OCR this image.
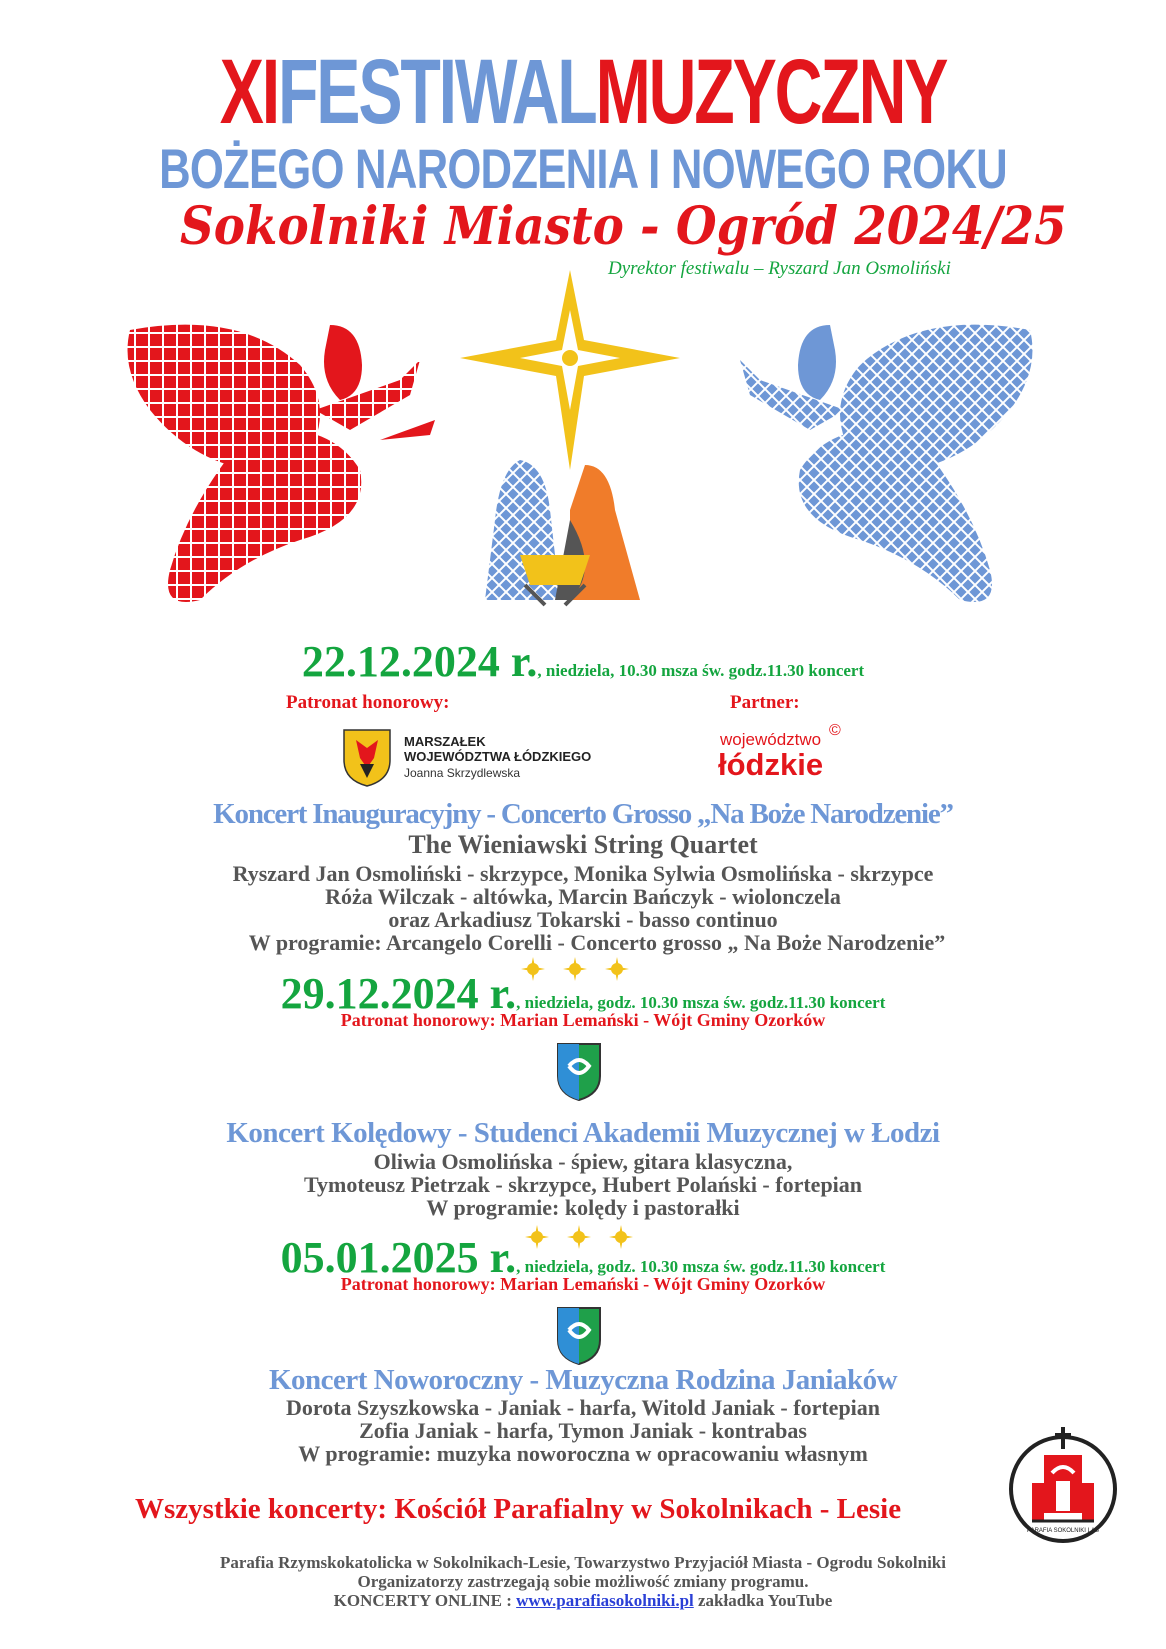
XIFESTIWALMUZYCZNY
BOŻEGO NARODZENIA I NOWEGO ROKU
Sokolniki Miasto - Ogród 2024/25
Dyrektor festiwalu – Ryszard Jan Osmoliński
22.12.2024 r., niedziela, 10.30 msza św. godz.11.30 koncert
Patronat honorowy:	Partner:
MARSZAŁEK
WOJEWÓDZTWA ŁÓDZKIEGO
Joanna Skrzydlewska
województwo ©
łódzkie
Koncert Inauguracyjny - Concerto Grosso „Na Boże Narodzenie”
The Wieniawski String Quartet
Ryszard Jan Osmoliński - skrzypce, Monika Sylwia Osmolińska - skrzypce
Róża Wilczak - altówka, Marcin Bańczyk - wiolonczela
oraz Arkadiusz Tokarski - basso continuo
W programie: Arcangelo Corelli - Concerto grosso „ Na Boże Narodzenie”
29.12.2024 r., niedziela, godz. 10.30 msza św. godz.11.30 koncert
Patronat honorowy: Marian Lemański - Wójt Gminy Ozorków
Koncert Kolędowy - Studenci Akademii Muzycznej w Łodzi
Oliwia Osmolińska - śpiew, gitara klasyczna,
Tymoteusz Pietrzak - skrzypce, Hubert Polański - fortepian
W programie: kolędy i pastorałki
05.01.2025 r., niedziela, godz. 10.30 msza św. godz.11.30 koncert
Patronat honorowy: Marian Lemański - Wójt Gminy Ozorków
Koncert Noworoczny - Muzyczna Rodzina Janiaków
Dorota Szyszkowska - Janiak - harfa, Witold Janiak - fortepian
Zofia Janiak - harfa, Tymon Janiak - kontrabas
W programie: muzyka noworoczna w opracowaniu własnym
Wszystkie koncerty: Kościół Parafialny w Sokolnikach - Lesie
PARAFIA SOKOLNIKI LAS
Parafia Rzymskokatolicka w Sokolnikach-Lesie, Towarzystwo Przyjaciół Miasta - Ogrodu Sokolniki
Organizatorzy zastrzegają sobie możliwość zmiany programu.
KONCERTY ONLINE : www.parafiasokolniki.pl zakładka YouTube
